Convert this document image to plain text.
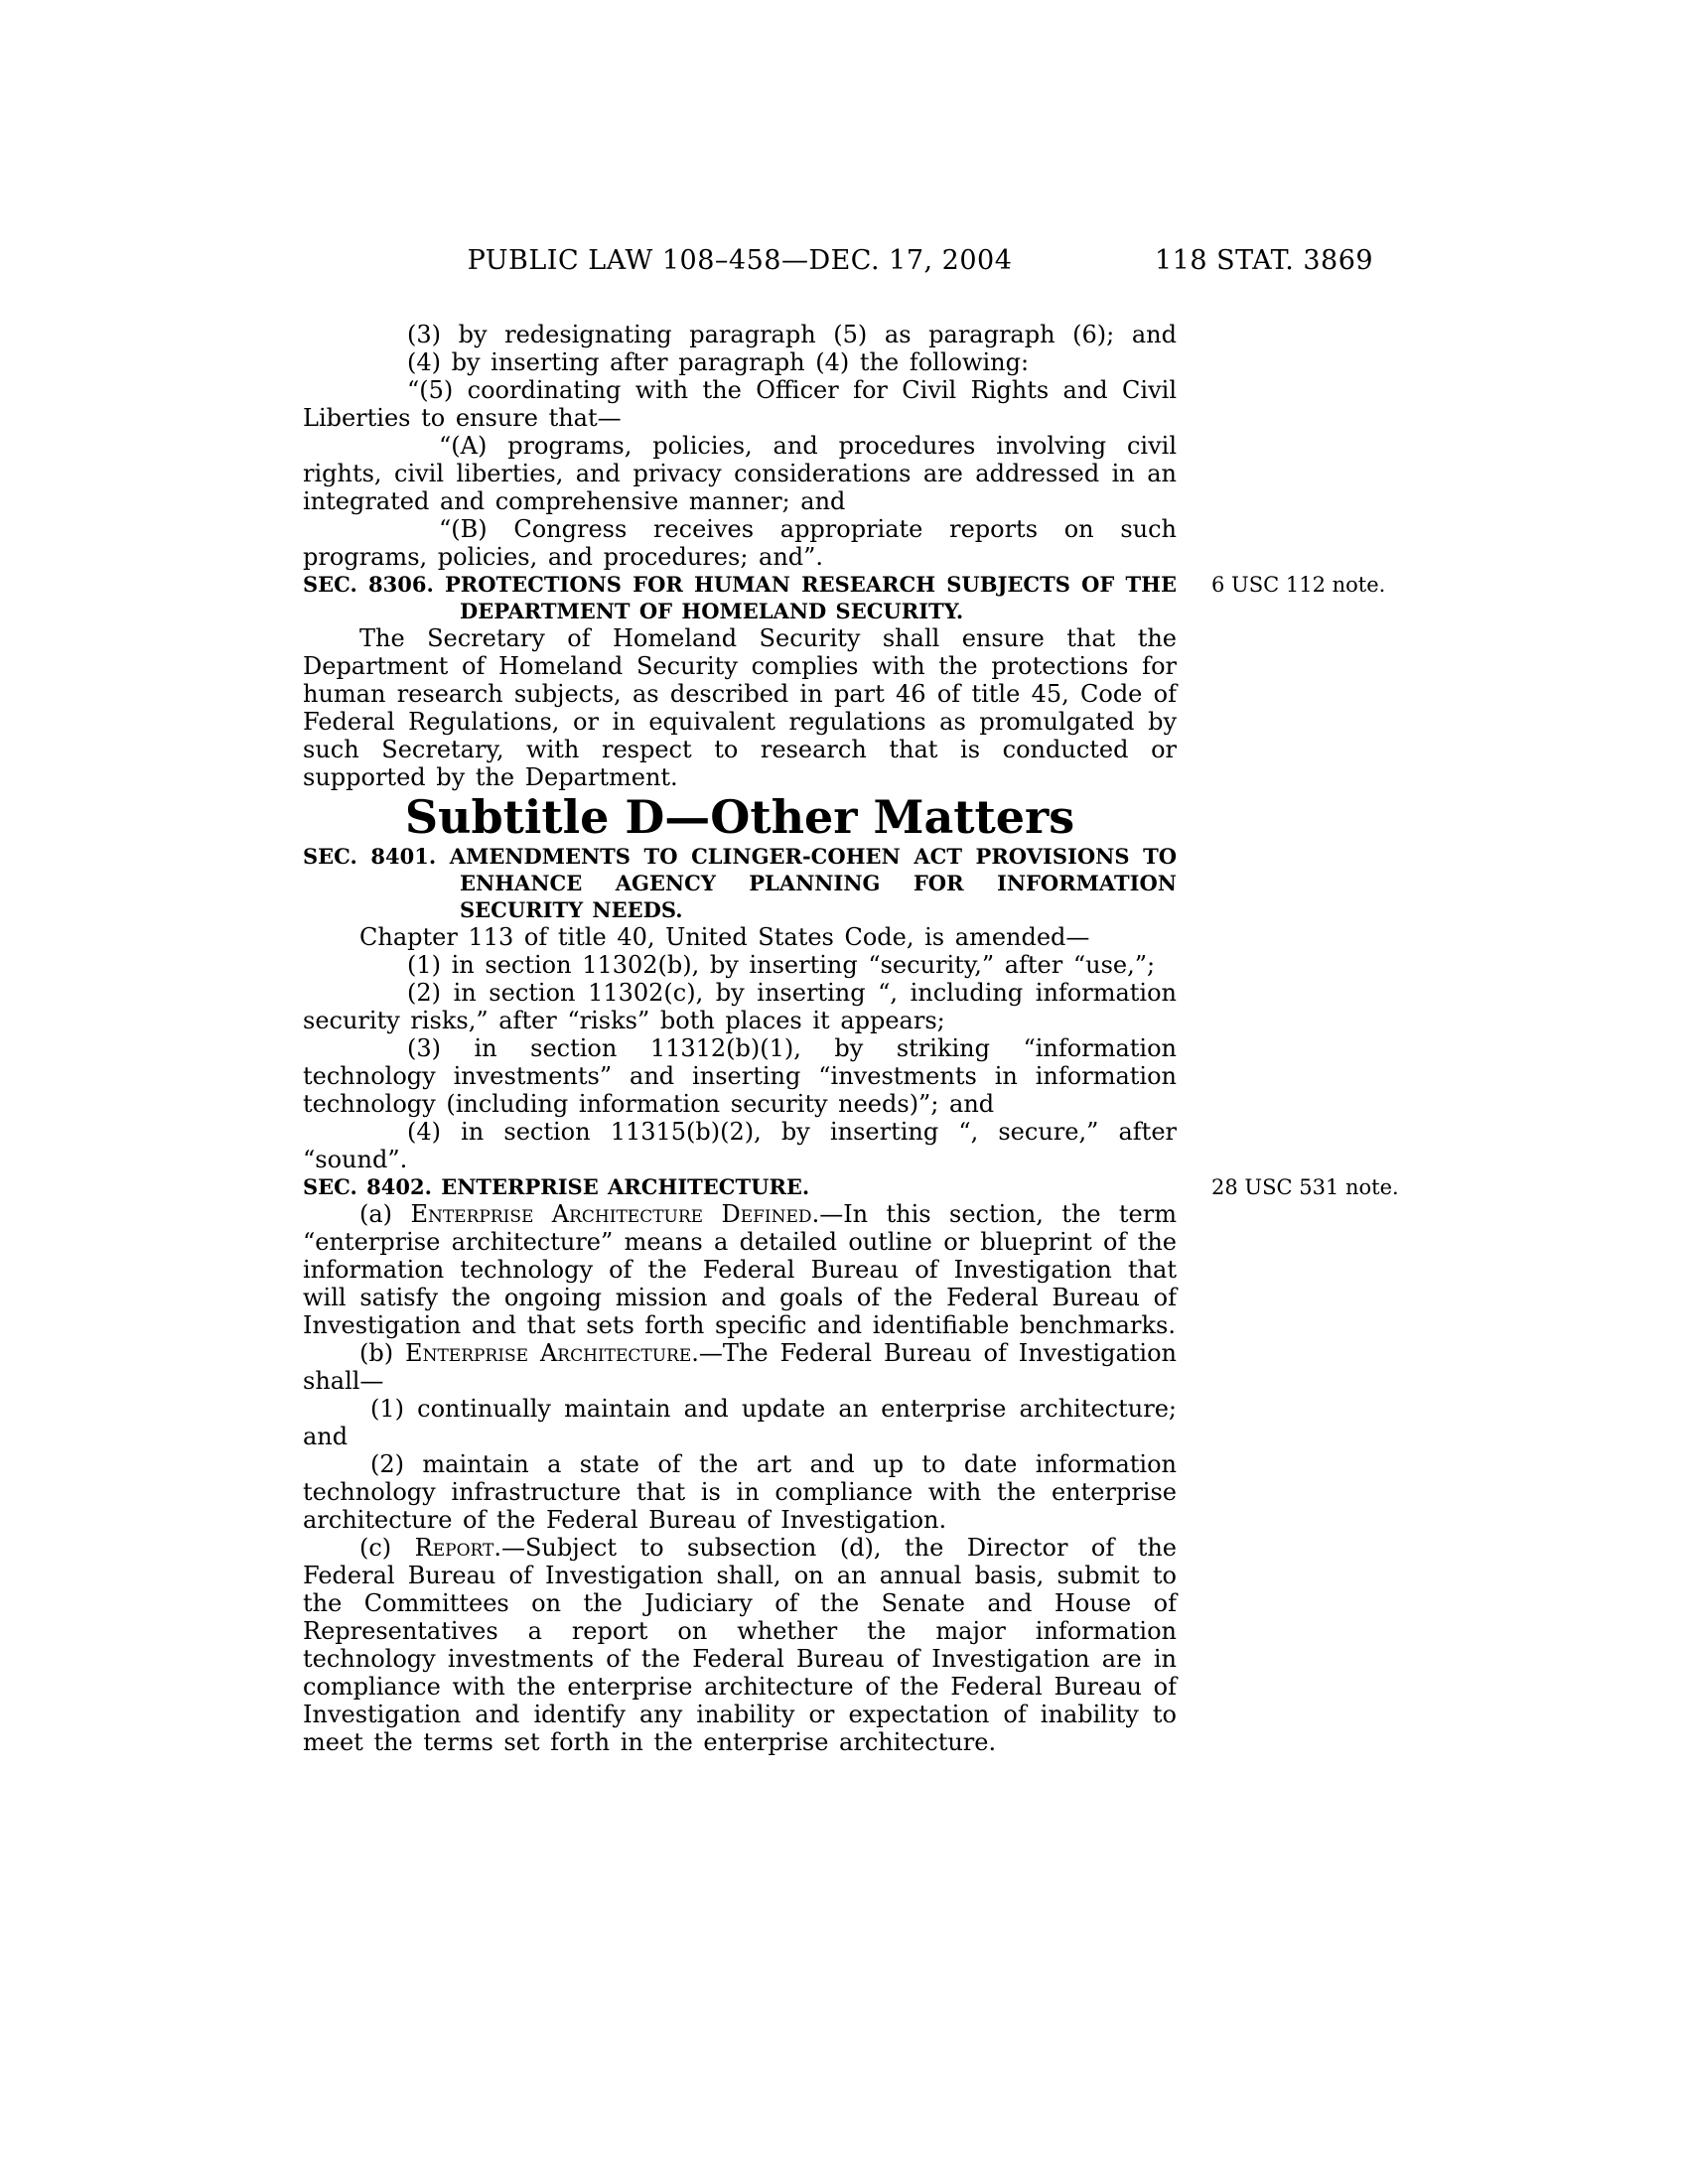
PUBLIC LAW 108–458—DEC. 17, 2004	118 STAT. 3869

(3) by redesignating paragraph (5) as paragraph (6); and

(4) by inserting after paragraph (4) the following:

“(5) coordinating with the Officer for Civil Rights and Civil Liberties to ensure that—

“(A) programs, policies, and procedures involving civil rights, civil liberties, and privacy considerations are addressed in an integrated and comprehensive manner; and

“(B) Congress receives appropriate reports on such programs, policies, and procedures; and”.

SEC. 8306. PROTECTIONS FOR HUMAN RESEARCH SUBJECTS OF THE DEPARTMENT OF HOMELAND SECURITY.
6 USC 112 note.

The Secretary of Homeland Security shall ensure that the Department of Homeland Security complies with the protections for human research subjects, as described in part 46 of title 45, Code of Federal Regulations, or in equivalent regulations as promulgated by such Secretary, with respect to research that is conducted or supported by the Department.

Subtitle D—Other Matters

SEC. 8401. AMENDMENTS TO CLINGER-COHEN ACT PROVISIONS TO ENHANCE AGENCY PLANNING FOR INFORMATION SECURITY NEEDS.

Chapter 113 of title 40, United States Code, is amended—

(1) in section 11302(b), by inserting “security,” after “use,”;

(2) in section 11302(c), by inserting “, including information security risks,” after “risks” both places it appears;

(3) in section 11312(b)(1), by striking “information technology investments” and inserting “investments in information technology (including information security needs)”; and

(4) in section 11315(b)(2), by inserting “, secure,” after “sound”.

SEC. 8402. ENTERPRISE ARCHITECTURE.	28 USC 531 note.

(a) Enterprise Architecture Defined.—In this section, the term “enterprise architecture” means a detailed outline or blueprint of the information technology of the Federal Bureau of Investigation that will satisfy the ongoing mission and goals of the Federal Bureau of Investigation and that sets forth specific and identifiable benchmarks.

(b) Enterprise Architecture.—The Federal Bureau of Investigation shall—

(1) continually maintain and update an enterprise architecture; and

(2) maintain a state of the art and up to date information technology infrastructure that is in compliance with the enterprise architecture of the Federal Bureau of Investigation.

(c) Report.—Subject to subsection (d), the Director of the Federal Bureau of Investigation shall, on an annual basis, submit to the Committees on the Judiciary of the Senate and House of Representatives a report on whether the major information technology investments of the Federal Bureau of Investigation are in compliance with the enterprise architecture of the Federal Bureau of Investigation and identify any inability or expectation of inability to meet the terms set forth in the enterprise architecture.
